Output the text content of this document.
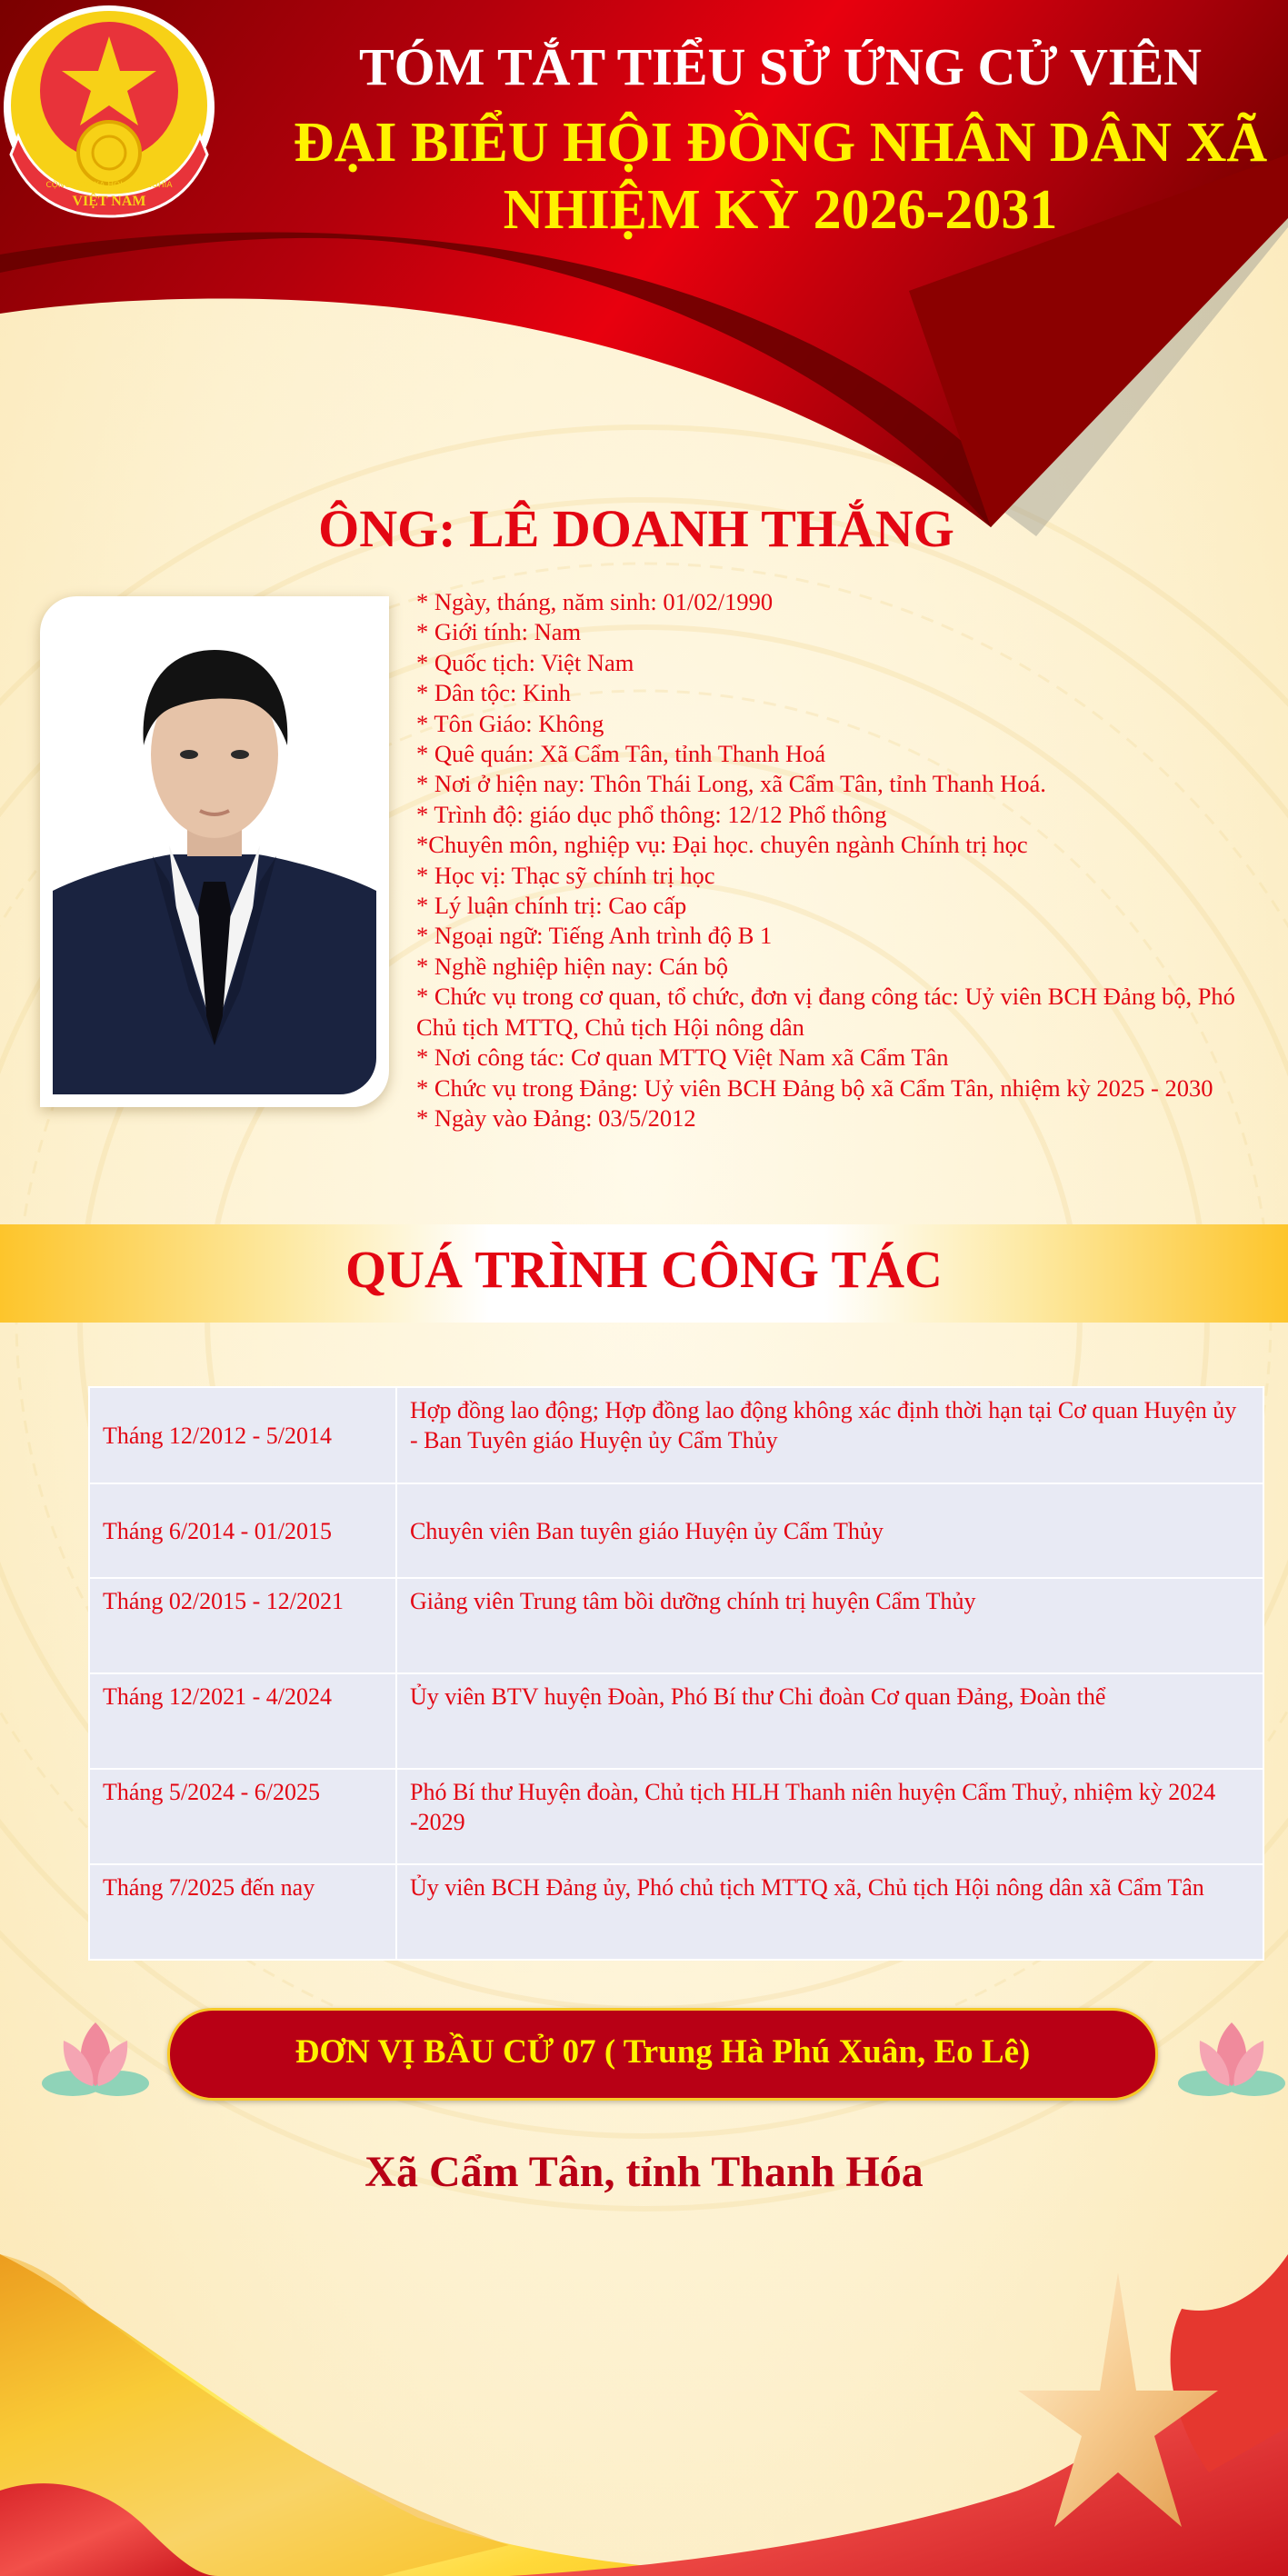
CỘNG HOÀ XÃ HỘI CHỦ NGHĨA
VIỆT NAM
TÓM TẮT TIỂU SỬ ỨNG CỬ VIÊN
ĐẠI BIỂU HỘI ĐỒNG NHÂN DÂN XÃ
NHIỆM KỲ 2026-2031
ÔNG: LÊ DOANH THẮNG
* Ngày, tháng, năm sinh: 01/02/1990
* Giới tính: Nam
* Quốc tịch: Việt Nam
* Dân tộc: Kinh
* Tôn Giáo: Không
* Quê quán: Xã Cẩm Tân, tỉnh Thanh Hoá
* Nơi ở hiện nay: Thôn Thái Long, xã Cẩm Tân, tỉnh Thanh Hoá.
* Trình độ: giáo dục phổ thông: 12/12 Phổ thông
*Chuyên môn, nghiệp vụ: Đại học. chuyên ngành Chính trị học
* Học vị: Thạc sỹ chính trị học
* Lý luận chính trị: Cao cấp
* Ngoại ngữ: Tiếng Anh trình độ B 1
* Nghề nghiệp hiện nay: Cán bộ
* Chức vụ trong cơ quan, tổ chức, đơn vị đang công tác: Uỷ viên BCH Đảng bộ, Phó Chủ tịch MTTQ, Chủ tịch Hội nông dân
* Nơi công tác: Cơ quan MTTQ Việt Nam xã Cẩm Tân
* Chức vụ trong Đảng: Uỷ viên BCH Đảng bộ xã Cẩm Tân, nhiệm kỳ 2025 - 2030
* Ngày vào Đảng: 03/5/2012
QUÁ TRÌNH CÔNG TÁC
Tháng 12/2012 - 5/2014	Hợp đồng lao động; Hợp đồng lao động không xác định thời hạn tại Cơ quan Huyện ủy - Ban Tuyên giáo Huyện ủy Cẩm Thủy
Tháng 6/2014 - 01/2015	Chuyên viên Ban tuyên giáo Huyện ủy Cẩm Thủy
Tháng 02/2015 - 12/2021	Giảng viên Trung tâm bồi dưỡng chính trị huyện Cẩm Thủy
Tháng 12/2021 - 4/2024	Ủy viên BTV huyện Đoàn, Phó Bí thư Chi đoàn Cơ quan Đảng, Đoàn thể
Tháng 5/2024 - 6/2025	Phó Bí thư Huyện đoàn, Chủ tịch HLH Thanh niên huyện Cẩm Thuỷ, nhiệm kỳ 2024 -2029
Tháng 7/2025 đến nay	Ủy viên BCH Đảng ủy, Phó chủ tịch MTTQ xã, Chủ tịch Hội nông dân xã Cẩm Tân
ĐƠN VỊ BẦU CỬ 07 ( Trung Hà Phú Xuân, Eo Lê)
Xã Cẩm Tân, tỉnh Thanh Hóa
